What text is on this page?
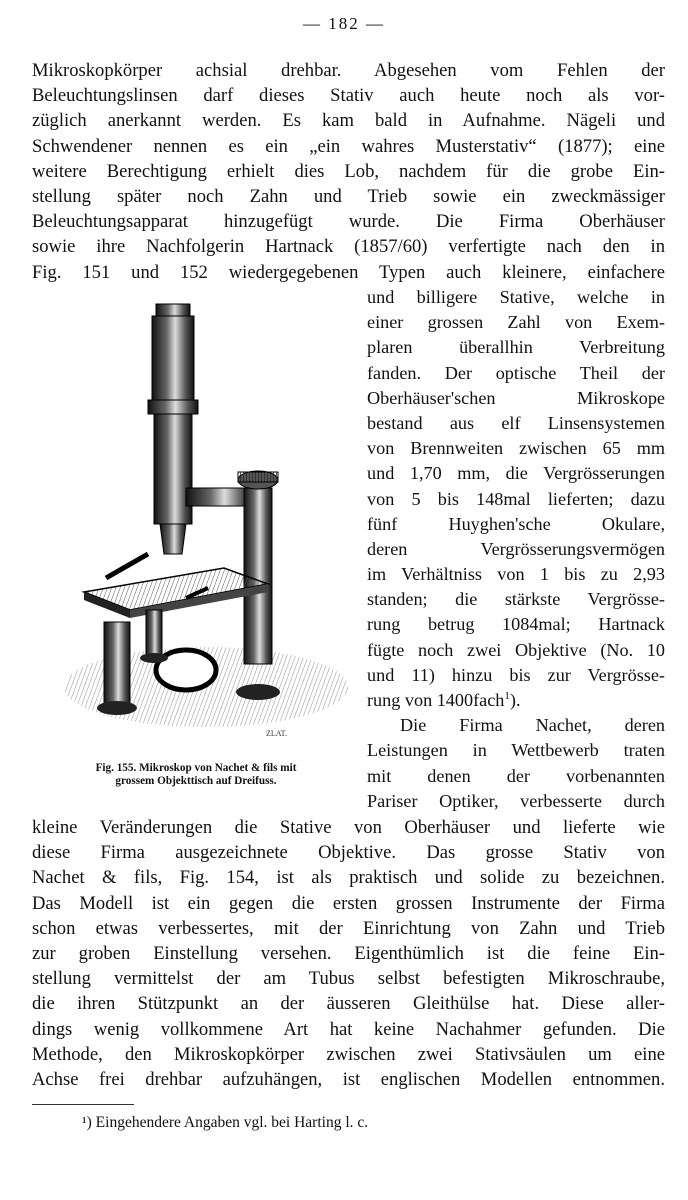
— 182 —
Mikroskopkörper achsial drehbar. Abgesehen vom Fehlen der
Beleuchtungslinsen darf dieses Stativ auch heute noch als vor-
züglich anerkannt werden. Es kam bald in Aufnahme. Nägeli und
Schwendener nennen es ein „ein wahres Musterstativ“ (1877); eine
weitere Berechtigung erhielt dies Lob, nachdem für die grobe Ein-
stellung später noch Zahn und Trieb sowie ein zweckmässiger
Beleuchtungsapparat hinzugefügt wurde. Die Firma Oberhäuser
sowie ihre Nachfolgerin Hartnack (1857/60) verfertigte nach den in
Fig. 151 und 152 wiedergegebenen Typen auch kleinere, einfachere
und billigere Stative, welche in
einer grossen Zahl von Exem-
plaren überallhin Verbreitung
fanden. Der optische Theil der
Oberhäuser'schen Mikroskope
bestand aus elf Linsensystemen
von Brennweiten zwischen 65 mm
und 1,70 mm, die Vergrösserungen
von 5 bis 148mal lieferten; dazu
fünf Huyghen'sche Okulare,
deren Vergrösserungsvermögen
im Verhältniss von 1 bis zu 2,93
standen; die stärkste Vergrösse-
rung betrug 1084mal; Hartnack
fügte noch zwei Objektive (No. 10
und 11) hinzu bis zur Vergrösse-
rung von 1400fach$^1$).
Die Firma Nachet, deren
Leistungen in Wettbewerb traten
mit denen der vorbenannten
Pariser Optiker, verbesserte durch
ZLAT.
Fig. 155. Mikroskop von Nachet & fils mit
grossem Objekttisch auf Dreifuss.
kleine Veränderungen die Stative von Oberhäuser und lieferte wie
diese Firma ausgezeichnete Objektive. Das grosse Stativ von
Nachet & fils, Fig. 154, ist als praktisch und solide zu bezeichnen.
Das Modell ist ein gegen die ersten grossen Instrumente der Firma
schon etwas verbessertes, mit der Einrichtung von Zahn und Trieb
zur groben Einstellung versehen. Eigenthümlich ist die feine Ein-
stellung vermittelst der am Tubus selbst befestigten Mikroschraube,
die ihren Stützpunkt an der äusseren Gleithülse hat. Diese aller-
dings wenig vollkommene Art hat keine Nachahmer gefunden. Die
Methode, den Mikroskopkörper zwischen zwei Stativsäulen um eine
Achse frei drehbar aufzuhängen, ist englischen Modellen entnommen.
¹) Eingehendere Angaben vgl. bei Harting l. c.
